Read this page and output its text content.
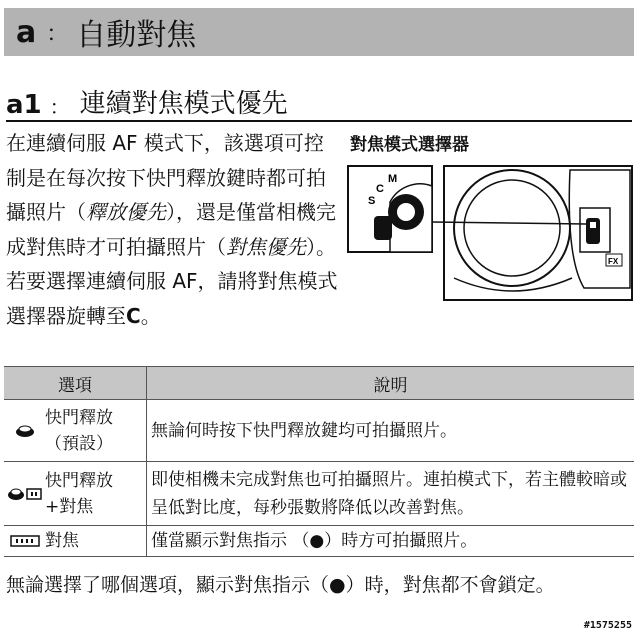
a ： 自動對焦
a1 ： 連續對焦模式優先

在連續伺服 AF 模式下，該選項可控制是在每次按下快門釋放鍵時都可拍攝照片（釋放優先），還是僅當相機完成對焦時才可拍攝照片（對焦優先）。若要選擇連續伺服 AF，請將對焦模式選擇器旋轉至C。

對焦模式選擇器
S
C
M
FX
選項	說明

快門釋放
（預設）	無論何時按下快門釋放鍵均可拍攝照片。

快門釋放
+對焦	即使相機未完成對焦也可拍攝照片。連拍模式下，若主體較暗或呈低對比度，每秒張數將降低以改善對焦。

對焦	僅當顯示對焦指示 （●）時方可拍攝照片。

無論選擇了哪個選項，顯示對焦指示（●）時，對焦都不會鎖定。

#1575255
